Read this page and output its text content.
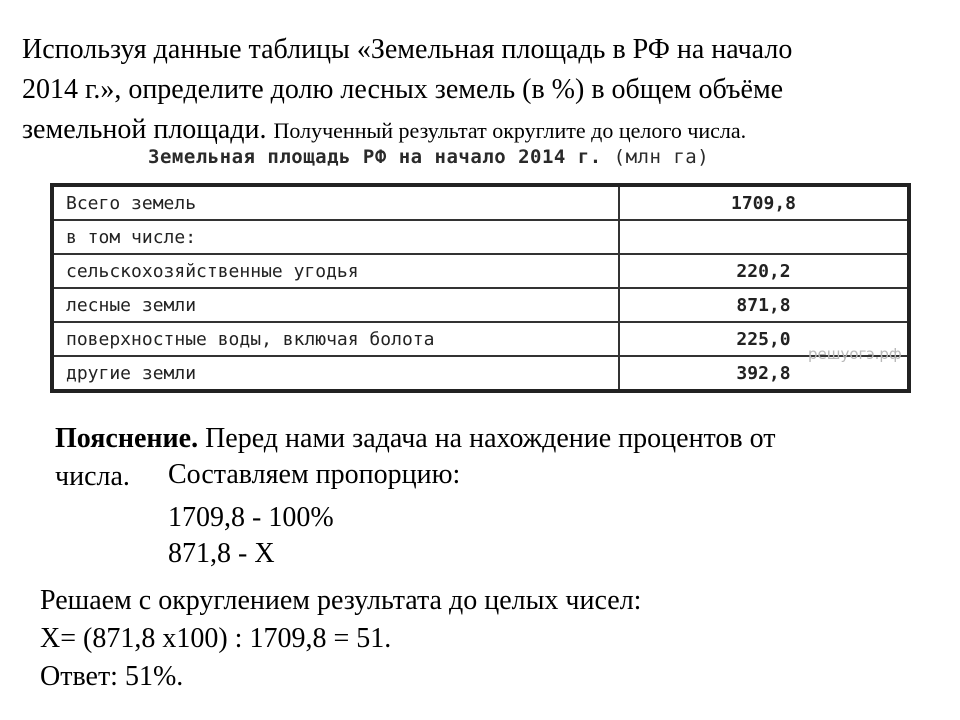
Используя данные таблицы «Земельная площадь в РФ на начало
2014 г.», определите долю лесных земель (в %) в общем объёме
земельной площади. Полученный результат округлите до целого числа.
Земельная площадь РФ на начало 2014 г. (млн га)
Всего земель	1709,8
в том числе:	
сельскохозяйственные угодья	220,2
лесные земли	871,8
поверхностные воды, включая болота	225,0
другие земли	392,8
решуогэ.рф
Пояснение. Перед нами задача на нахождение процентов от
числа. Составляем пропорцию:
1709,8 - 100%
871,8 - Х
Решаем с округлением результата до целых чисел:
Х= (871,8 х100) : 1709,8 = 51.
Ответ: 51%.
